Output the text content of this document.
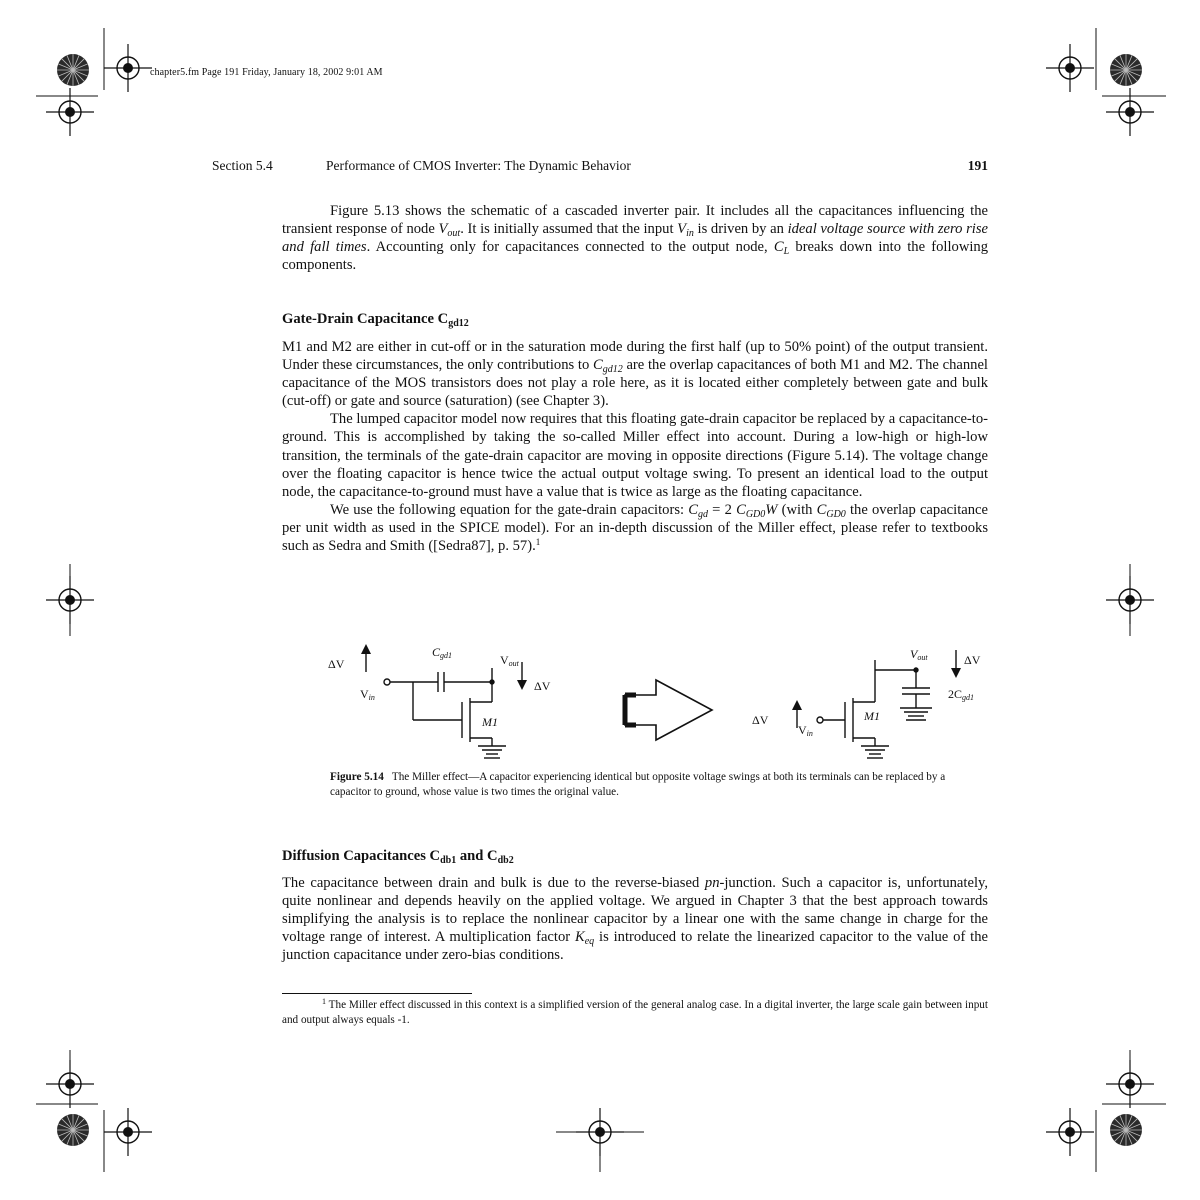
chapter5.fm Page 191 Friday, January 18, 2002 9:01 AM
Section 5.4	Performance of CMOS Inverter: The Dynamic Behavior	191

Figure 5.13 shows the schematic of a cascaded inverter pair. It includes all the capacitances influencing the transient response of node $V_{out}$. It is initially assumed that the input $V_{in}$ is driven by an ideal voltage source with zero rise and fall times. Accounting only for capacitances connected to the output node, $C_L$ breaks down into the following components.

Gate-Drain Capacitance $C_{gd12}$

M1 and M2 are either in cut-off or in the saturation mode during the first half (up to 50% point) of the output transient. Under these circumstances, the only contributions to $C_{gd12}$ are the overlap capacitances of both M1 and M2. The channel capacitance of the MOS transistors does not play a role here, as it is located either completely between gate and bulk (cut-off) or gate and source (saturation) (see Chapter 3).

The lumped capacitor model now requires that this floating gate-drain capacitor be replaced by a capacitance-to-ground. This is accomplished by taking the so-called Miller effect into account. During a low-high or high-low transition, the terminals of the gate-drain capacitor are moving in opposite directions (Figure 5.14). The voltage change over the floating capacitor is hence twice the actual output voltage swing. To present an identical load to the output node, the capacitance-to-ground must have a value that is twice as large as the floating capacitance.

We use the following equation for the gate-drain capacitors: $C_{gd} = 2$ $C_{GD0}W$ (with $C_{GD0}$ the overlap capacitance per unit width as used in the SPICE model). For an in-depth discussion of the Miller effect, please refer to textbooks such as Sedra and Smith ([Sedra87], p. 57).$^1$

ΔV
Vin
Cgd1	Vout
ΔV
M1
Vout	ΔV
2Cgd1
M1
ΔV
Vin
Figure 5.14 The Miller effect—A capacitor experiencing identical but opposite voltage swings at both its terminals can be replaced by a capacitor to ground, whose value is two times the original value.
Diffusion Capacitances $C_{db1}$ and $C_{db2}$

The capacitance between drain and bulk is due to the reverse-biased pn-junction. Such a capacitor is, unfortunately, quite nonlinear and depends heavily on the applied voltage. We argued in Chapter 3 that the best approach towards simplifying the analysis is to replace the nonlinear capacitor by a linear one with the same change in charge for the voltage range of interest. A multiplication factor $K_{eq}$ is introduced to relate the linearized capacitor to the value of the junction capacitance under zero-bias conditions.

$^1$ The Miller effect discussed in this context is a simplified version of the general analog case. In a digital inverter, the large scale gain between input and output always equals -1.
